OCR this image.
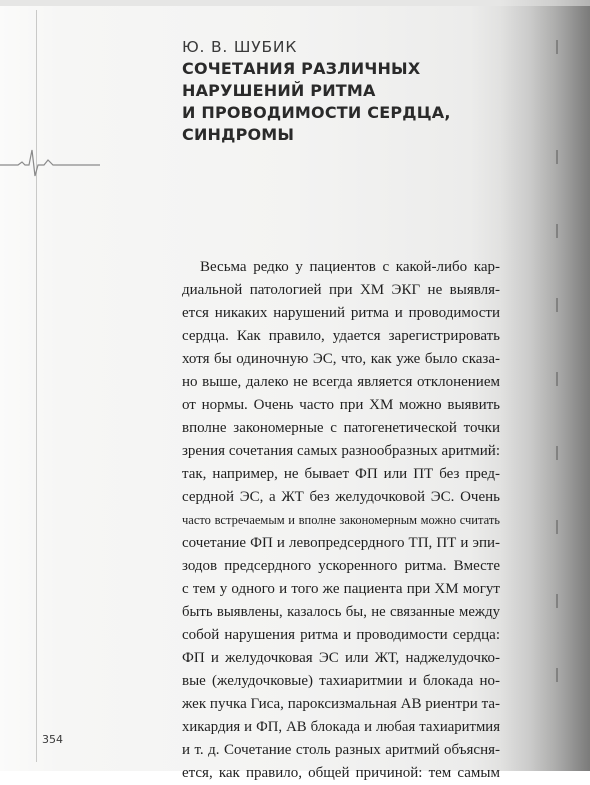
Ю. В. ШУБИК
СОЧЕТАНИЯ РАЗЛИЧНЫХ
НАРУШЕНИЙ РИТМА
И ПРОВОДИМОСТИ СЕРДЦА,
СИНДРОМЫ
Весьма редко у пациентов с какой-либо кар-
диальной патологией при ХМ ЭКГ не выявля-
ется никаких нарушений ритма и проводимости
сердца. Как правило, удается зарегистрировать
хотя бы одиночную ЭС, что, как уже было сказа-
но выше, далеко не всегда является отклонением
от нормы. Очень часто при ХМ можно выявить
вполне закономерные с патогенетической точки
зрения сочетания самых разнообразных аритмий:
так, например, не бывает ФП или ПТ без пред-
сердной ЭС, а ЖТ без желудочковой ЭС. Очень
часто встречаемым и вполне закономерным можно считать
сочетание ФП и левопредсердного ТП, ПТ и эпи-
зодов предсердного ускоренного ритма. Вместе
с тем у одного и того же пациента при ХМ могут
быть выявлены, казалось бы, не связанные между
собой нарушения ритма и проводимости сердца:
ФП и желудочковая ЭС или ЖТ, наджелудочко-
вые (желудочковые) тахиаритмии и блокада но-
жек пучка Гиса, пароксизмальная АВ риентри та-
хикардия и ФП, АВ блокада и любая тахиаритмия
и т. д. Сочетание столь разных аритмий объясня-
ется, как правило, общей причиной: тем самым
354
